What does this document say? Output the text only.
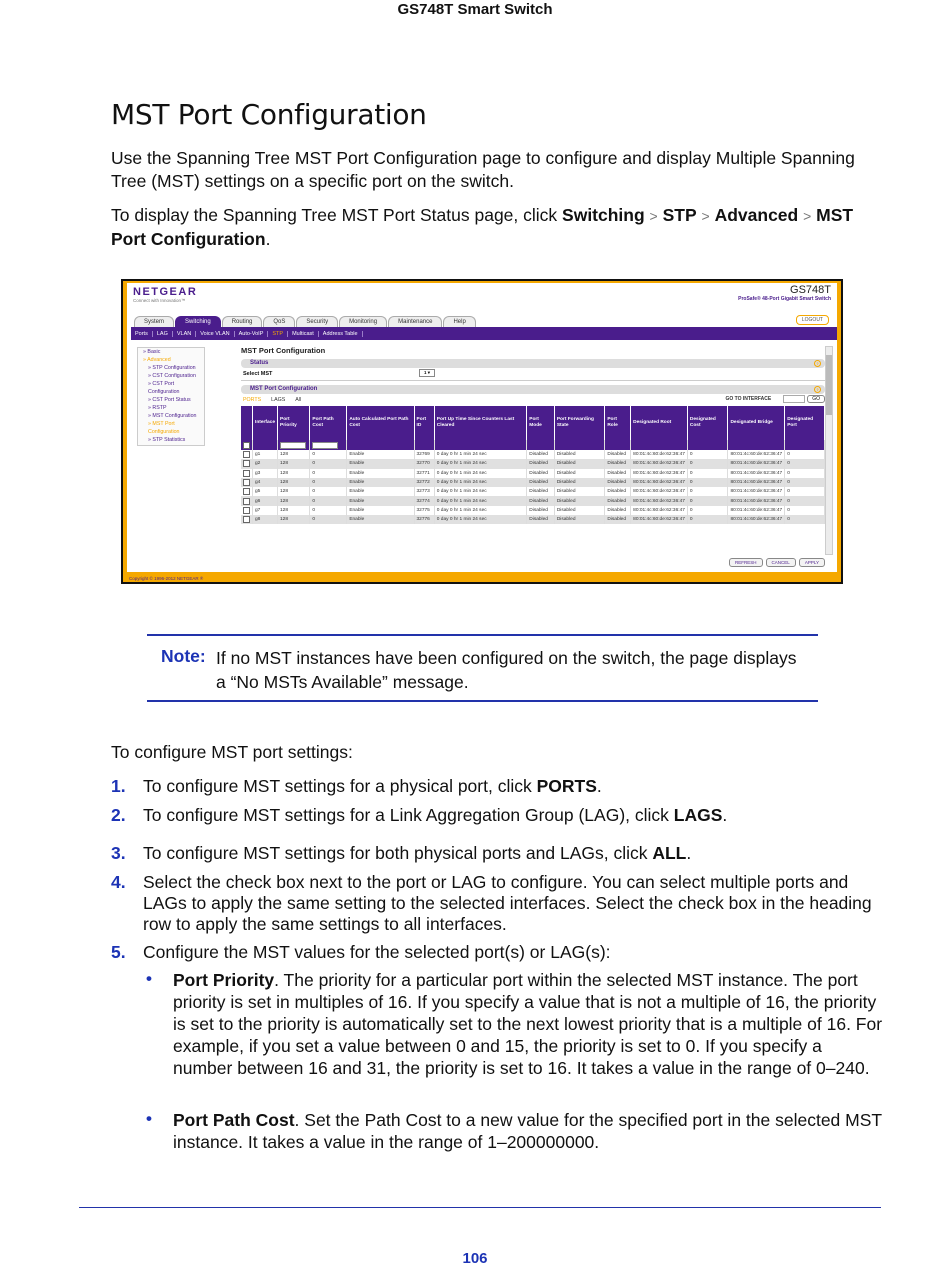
GS748T Smart Switch
MST Port Configuration
Use the Spanning Tree MST Port Configuration page to configure and display Multiple Spanning Tree (MST) settings on a specific port on the switch.
To display the Spanning Tree MST Port Status page, click Switching > STP > Advanced > MST Port Configuration.
NETGEAR
Connect with Innovation™
GS748T
ProSafe® 48-Port Gigabit Smart Switch
System	Switching	Routing	QoS	Security	Monitoring	Maintenance	Help	LOGOUT
Ports	LAG	VLAN	Voice VLAN	Auto-VoIP	STP	Multicast	Address Table
» Basic
» Advanced
» STP Configuration
» CST Configuration
» CST Port
Configuration
» CST Port Status
» RSTP
» MST Configuration
» MST Port
Configuration
» STP Statistics
MST Port Configuration
Status	?
Select MST	1 ▾
MST Port Configuration	?
PORTS LAGS All	GO TO INTERFACE	GO
	Interface	Port Priority	Port Path Cost	Auto Calculated Port Path Cost	Port ID	Port Up Time Since Counters Last Cleared	Port Mode	Port Forwarding State	Port Role	Designated Root	Designated Cost	Designated Bridge	Designated Port

	g1	128	0	Enable	32769	0 day 0 hr 1 min 24 sec	Disabled	Disabled	Disabled	80:01:4c:60:de:62:36:47	0	80:01:4c:60:de:62:36:47	0
	g2	128	0	Enable	32770	0 day 0 hr 1 min 24 sec	Disabled	Disabled	Disabled	80:01:4c:60:de:62:36:47	0	80:01:4c:60:de:62:36:47	0
	g3	128	0	Enable	32771	0 day 0 hr 1 min 24 sec	Disabled	Disabled	Disabled	80:01:4c:60:de:62:36:47	0	80:01:4c:60:de:62:36:47	0
	g4	128	0	Enable	32772	0 day 0 hr 1 min 24 sec	Disabled	Disabled	Disabled	80:01:4c:60:de:62:36:47	0	80:01:4c:60:de:62:36:47	0
	g5	128	0	Enable	32773	0 day 0 hr 1 min 24 sec	Disabled	Disabled	Disabled	80:01:4c:60:de:62:36:47	0	80:01:4c:60:de:62:36:47	0
	g6	128	0	Enable	32774	0 day 0 hr 1 min 24 sec	Disabled	Disabled	Disabled	80:01:4c:60:de:62:36:47	0	80:01:4c:60:de:62:36:47	0
	g7	128	0	Enable	32775	0 day 0 hr 1 min 24 sec	Disabled	Disabled	Disabled	80:01:4c:60:de:62:36:47	0	80:01:4c:60:de:62:36:47	0
	g8	128	0	Enable	32776	0 day 0 hr 1 min 24 sec	Disabled	Disabled	Disabled	80:01:4c:60:de:62:36:47	0	80:01:4c:60:de:62:36:47	0
REFRESH	CANCEL	APPLY
Copyright © 1996-2012 NETGEAR ®
Note: If no MST instances have been configured on the switch, the page displays a “No MSTs Available” message.
To configure MST port settings:
1. To configure MST settings for a physical port, click PORTS.
2. To configure MST settings for a Link Aggregation Group (LAG), click LAGS.
3. To configure MST settings for both physical ports and LAGs, click ALL.
4. Select the check box next to the port or LAG to configure. You can select multiple ports and LAGs to apply the same setting to the selected interfaces. Select the check box in the heading row to apply the same settings to all interfaces.
5. Configure the MST values for the selected port(s) or LAG(s):
• Port Priority. The priority for a particular port within the selected MST instance. The port priority is set in multiples of 16. If you specify a value that is not a multiple of 16, the priority is set to the priority is automatically set to the next lowest priority that is a multiple of 16. For example, if you set a value between 0 and 15, the priority is set to 0. If you specify a number between 16 and 31, the priority is set to 16. It takes a value in the range of 0–240.
• Port Path Cost. Set the Path Cost to a new value for the specified port in the selected MST instance. It takes a value in the range of 1–200000000.
106
